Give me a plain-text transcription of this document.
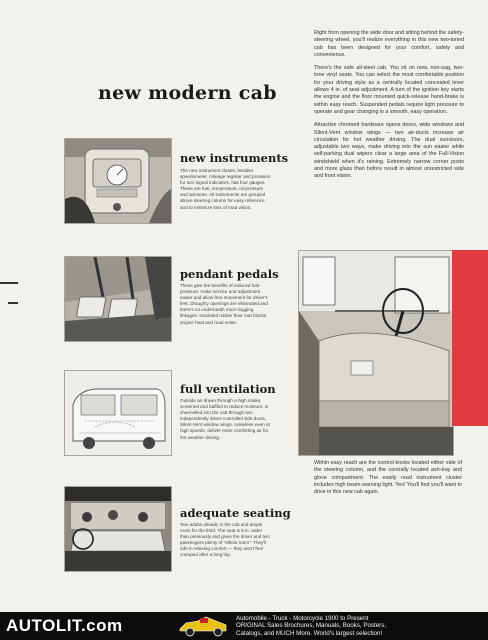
new modern cab
new instruments
The new instrument cluster, besides speedometer, mileage register and provision for turn signal indicators, has four gauges. These are fuel, temperature, oil-pressure and ammeter. All instruments are grouped above steering column for easy reference and to minimize loss of road vision.
pendant pedals
These give the benefits of reduced foot pressure, make service and adjustment easier and allow free movement for driver's feet. Draughty openings are eliminated and there's no underneath mud-clogging linkages. Insulated rubber floor mat blocks engine heat and road noise.
full ventilation
Outside air drawn through a high intake, screened and baffled to reduce moisture, is channelled into the cab through two independently driver-controlled side ducts. Silent-Vent window wings, noiseless even at high speeds, deliver more comforting air for hot weather driving.
adequate seating
Two adults already in the cab and ample room for the third. The seat is 5 in. wider than previously and gives the driver and two passengers plenty of "elbow room". They'll ride in relaxing comfort — they won't feel cramped after a long trip.

Right from opening the wide door and sitting behind the safety-steering wheel, you'll realize everything in this new two-toned cab has been designed for your comfort, safety and convenience.

There's the safe all-steel cab. You sit on new, non-sag, two-tone vinyl seats. You can select the most comfortable position for your driving style as a centrally located concealed lever allows 4 in. of seat adjustment. A turn of the ignition key starts the engine and the floor mounted quick-release hand-brake is within easy reach. Suspended pedals require light pressure to operate and gear changing is a smooth, easy operation.

Attractive chromed hardware opens doors, wide windows and Silent-Vent window wings — two air-ducts increase air circulation for hot weather driving. The dual sunvisors, adjustable two ways, make driving into the sun easier while self-parking dual wipers clear a large area of the Full-Vision windshield when it's raining. Extremely narrow corner posts and more glass than before result in almost unrestricted side and front vision.

Within easy reach are the control knobs located either side of the steering column, and the centrally located ash-tray and glove compartment. The easily read instrument cluster includes high beam warning light. Yes! You'll find you'll want to drive in this new cab again.
AUTOLIT.com	Automobile - Truck - Motorcycle 1900 to Present
ORIGINAL Sales Brochures, Manuals, Books, Posters,
Catalogs, and MUCH More. World's largest selection!
